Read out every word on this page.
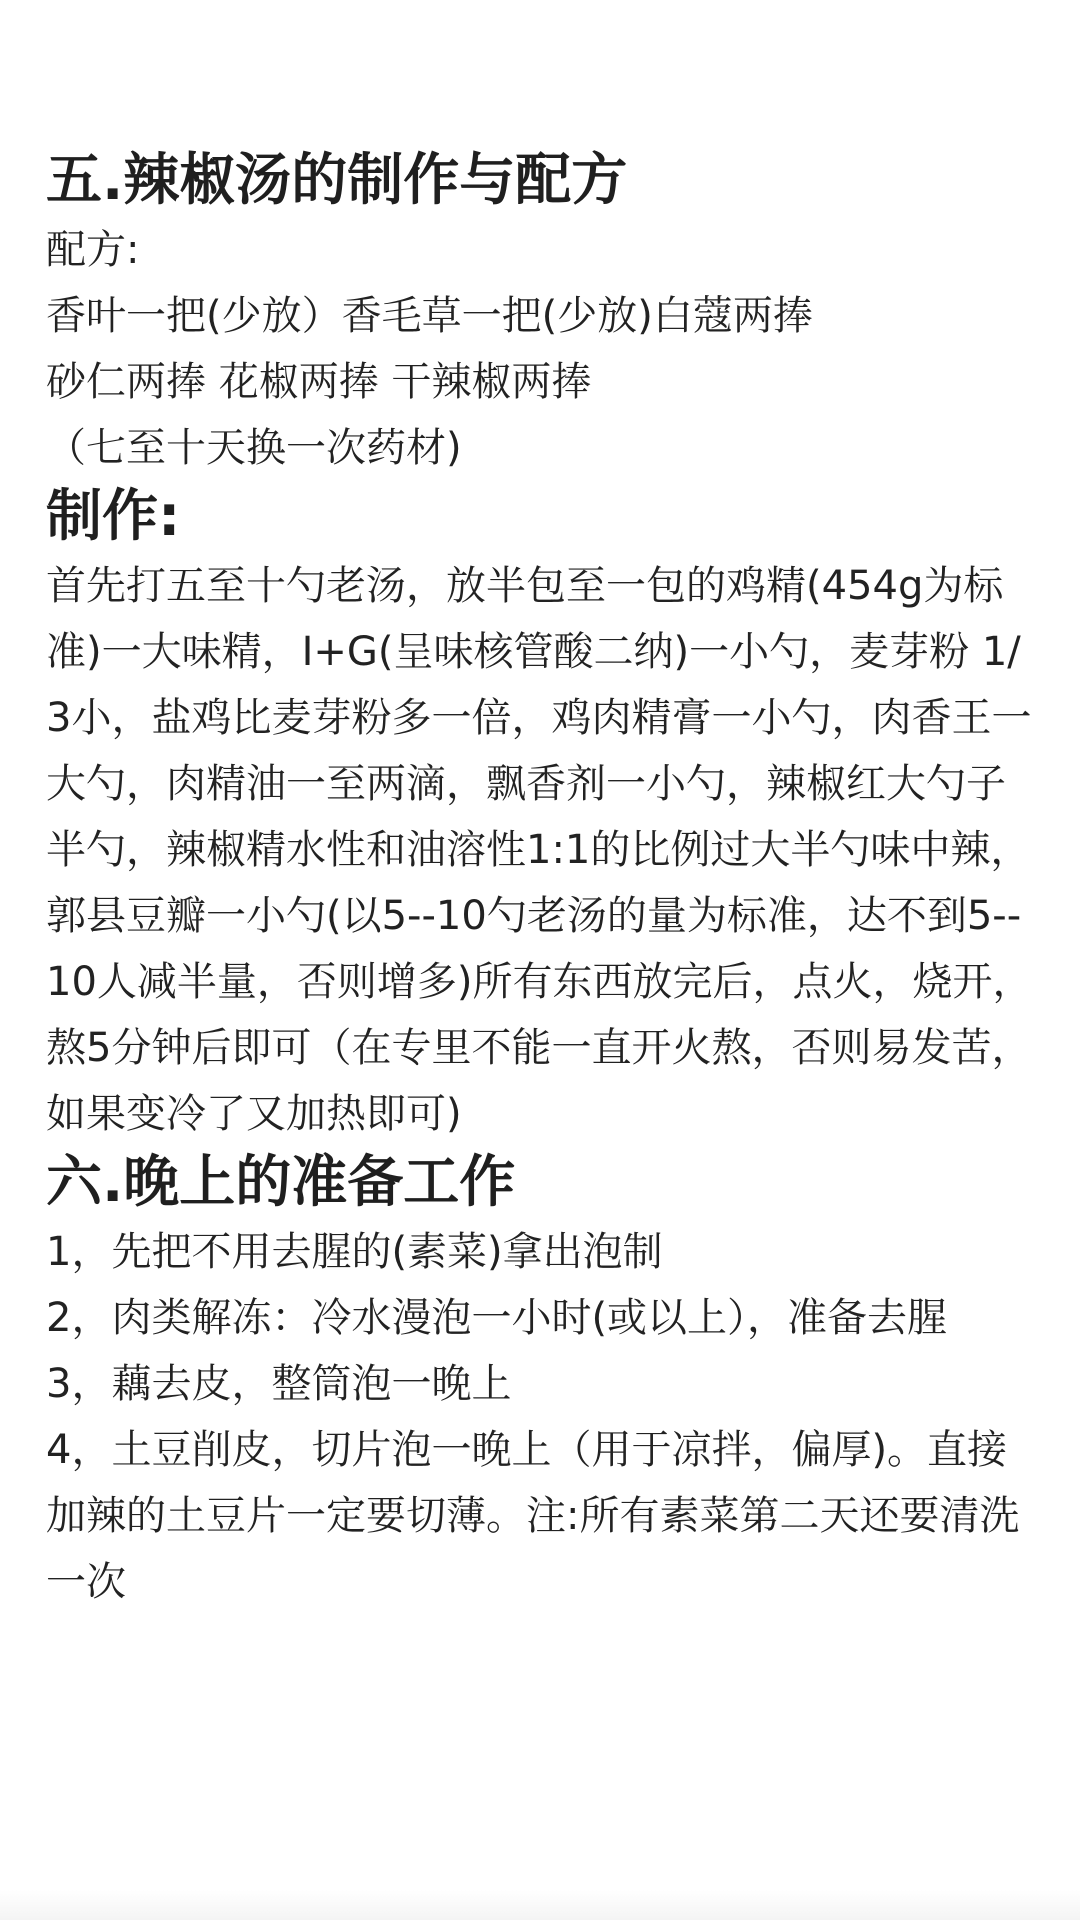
五.辣椒汤的制作与配方

配方:

香叶一把(少放）香毛草一把(少放)白蔻两捧

砂仁两捧 花椒两捧 干辣椒两捧

（七至十天换一次药材)

制作:

首先打五至十勺老汤，放半包至一包的鸡精(454g为标准)一大味精，I+G(呈味核管酸二纳)一小勺，麦芽粉 1/3小，盐鸡比麦芽粉多一倍，鸡肉精膏一小勺，肉香王一大勺，肉精油一至两滴，飘香剂一小勺，辣椒红大勺子半勺，辣椒精水性和油溶性1:1的比例过大半勺味中辣，郭县豆瓣一小勺(以5--10勺老汤的量为标准，达不到5--10人减半量，否则增多)所有东西放完后，点火，烧开，熬5分钟后即可（在专里不能一直开火熬，否则易发苦，如果变冷了又加热即可)

六.晚上的准备工作

1，先把不用去腥的(素菜)拿出泡制

2，肉类解冻：冷水漫泡一小时(或以上），准备去腥

3，藕去皮，整筒泡一晚上

4，土豆削皮，切片泡一晚上（用于凉拌，偏厚)。直接加辣的土豆片一定要切薄。注:所有素菜第二天还要清洗一次
